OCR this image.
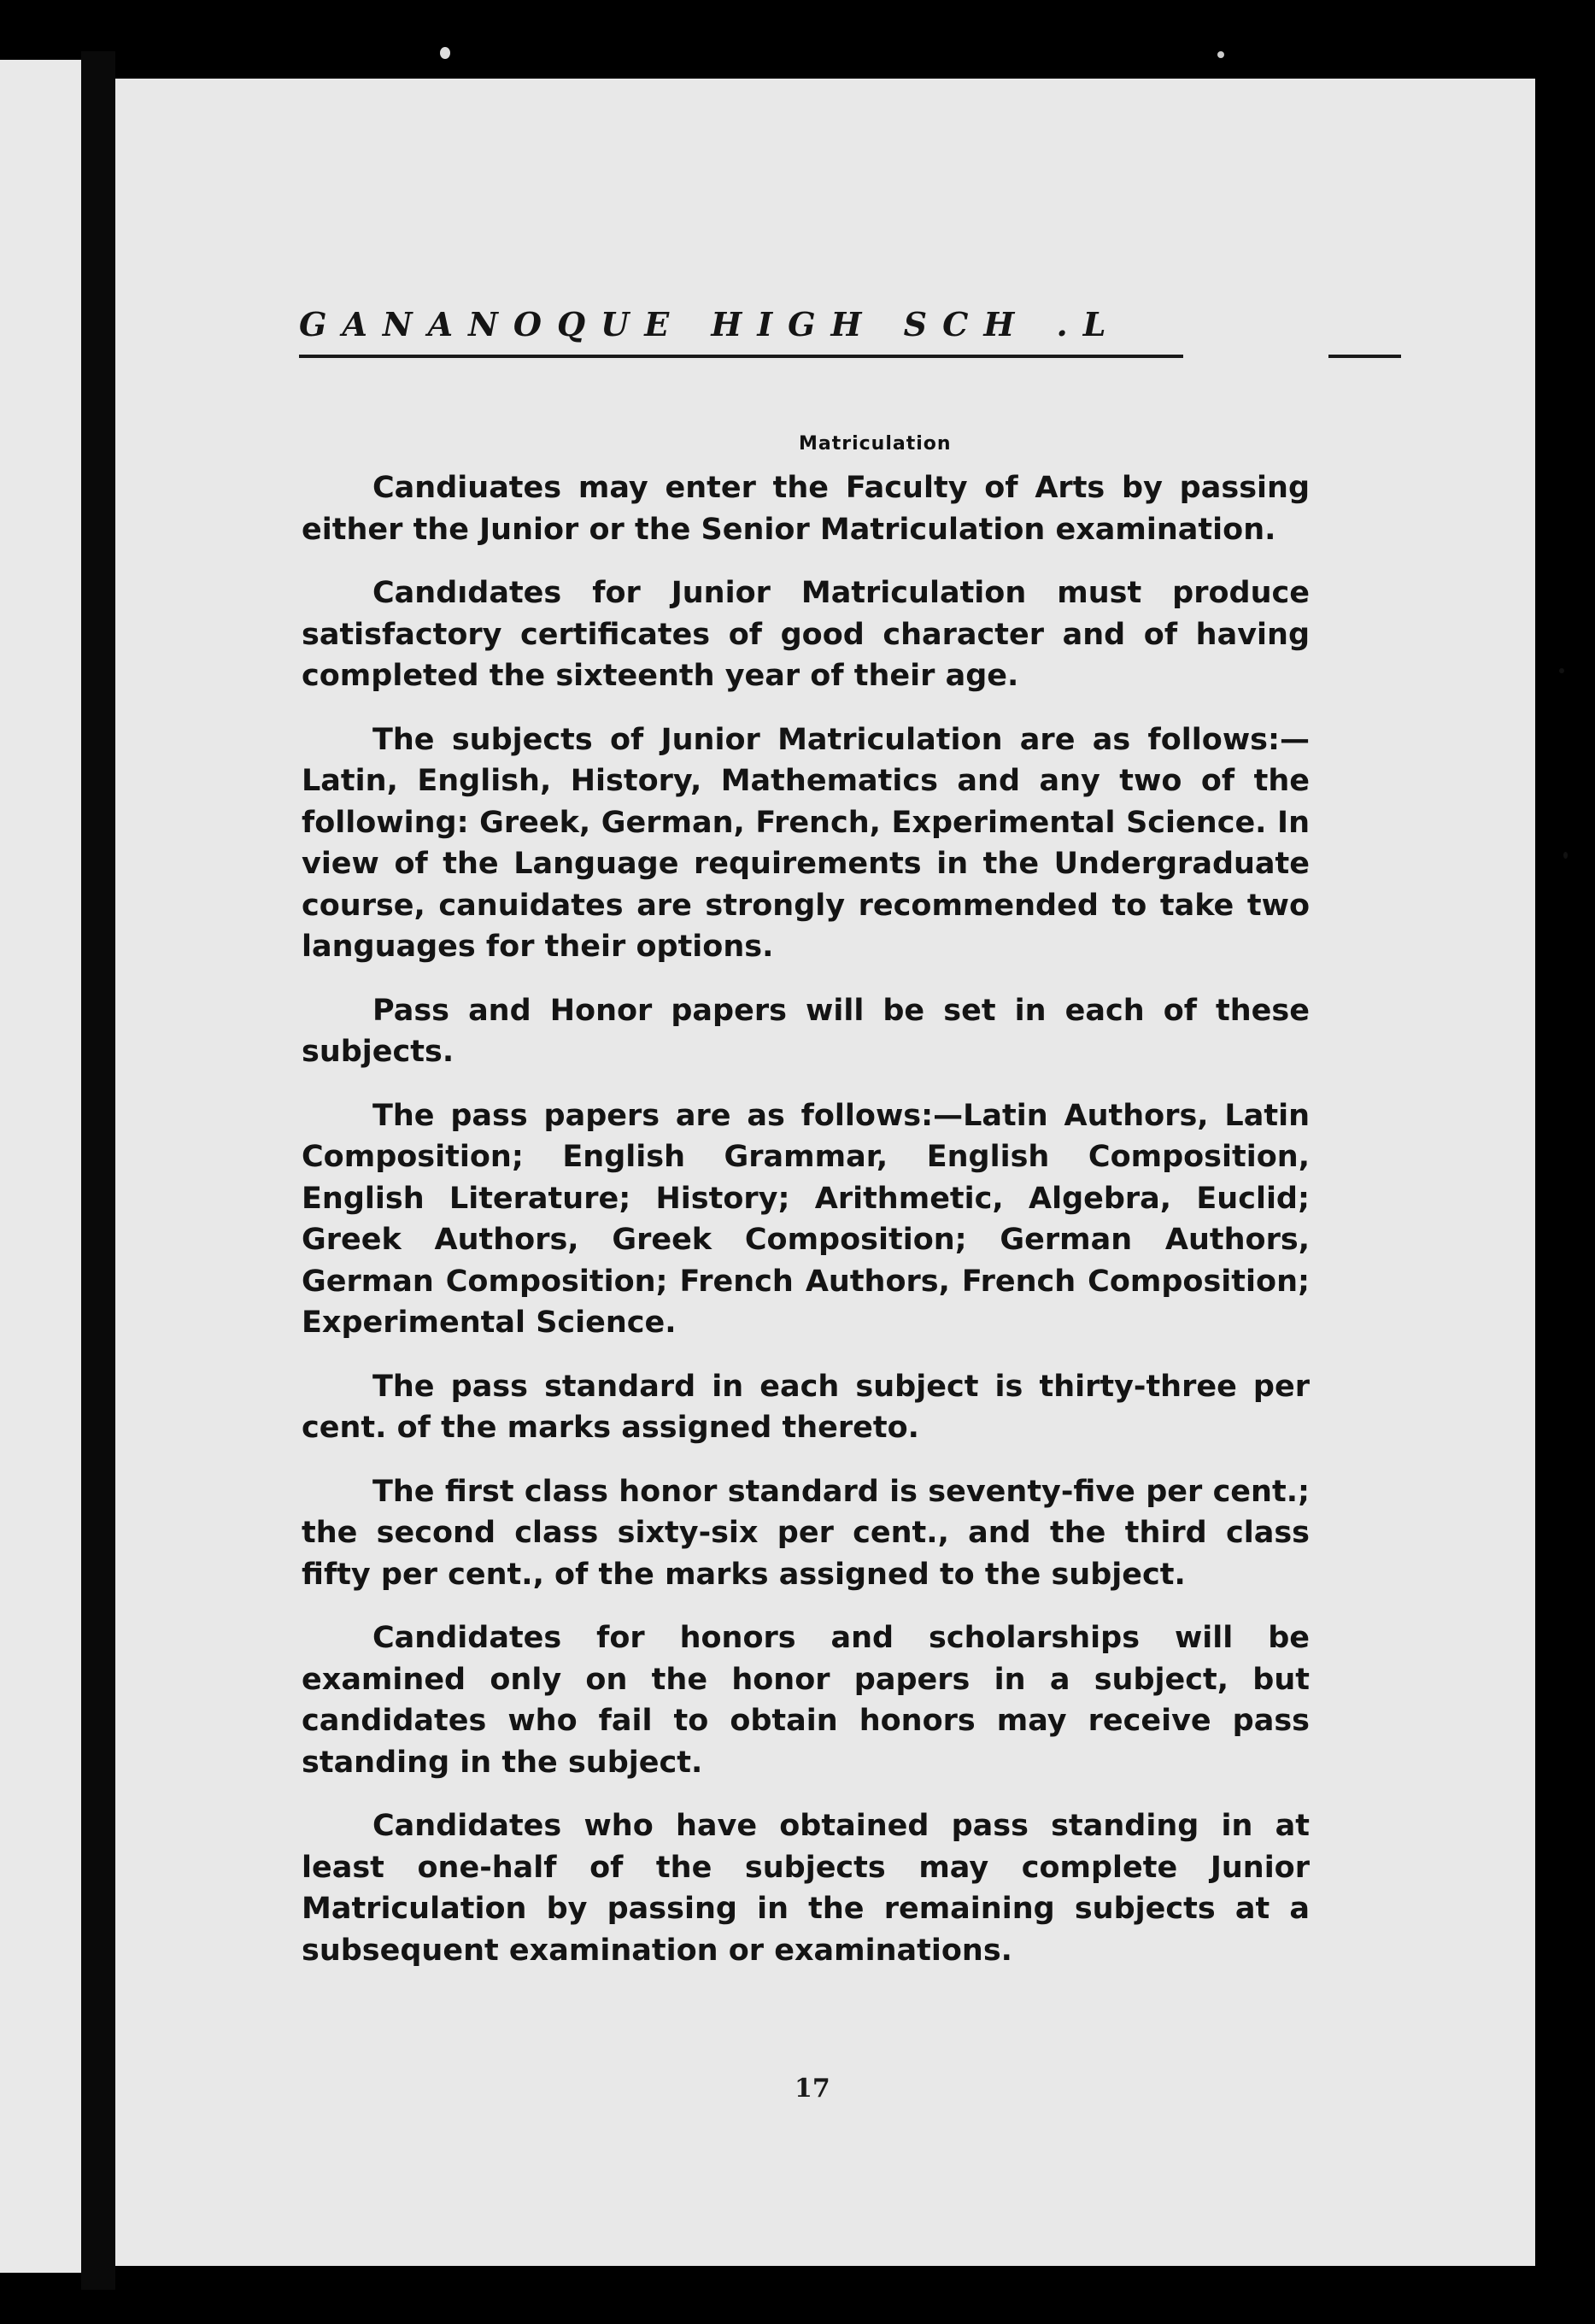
GANANOQUE HIGH SCH .L
Matriculation

Candiuates may enter the Faculty of Arts by passing either the Junior or the Senior Matriculation examination.

Candıdates for Junior Matriculation must produce satisfactory certificates of good character and of having completed the sixteenth year of their age.

The subjects of Junior Matriculation are as follows:— Latin, English, History, Mathematics and any two of the following: Greek, German, French, Experimental Science. In view of the Language requirements in the Undergraduate course, canuidates are strongly recommended to take two languages for their options.

Pass and Honor papers will be set in each of these subjects.

The pass papers are as follows:—Latin Authors, Latin Composition; English Grammar, English Composition, English Literature; History; Arithmetic, Algebra, Euclid; Greek Authors, Greek Composition; German Authors, German Composition; French Authors, French Composition; Experimental Science.

The pass standard in each subject is thirty-three per cent. of the marks assigned thereto.

The first class honor standard is seventy-five per cent.; the second class sixty-six per cent., and the third class fifty per cent., of the marks assigned to the subject.

Candidates for honors and scholarships will be examined only on the honor papers in a subject, but candidates who fail to obtain honors may receive pass standing in the subject.

Candidates who have obtained pass standing in at least one-half of the subjects may complete Junior Matriculation by passing in the remaining subjects at a subsequent examination or examinations.

17
